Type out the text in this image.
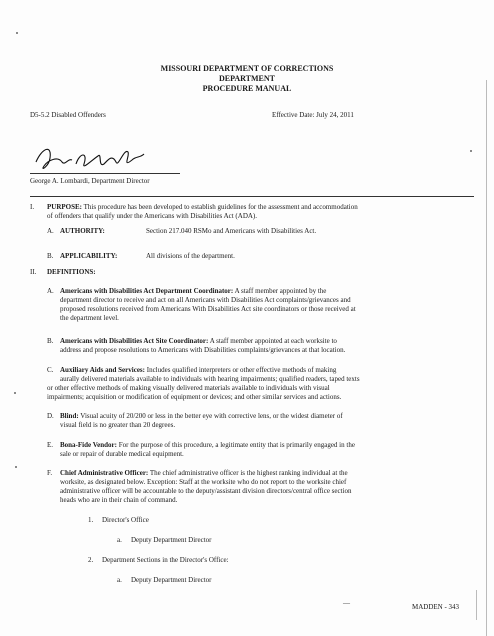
MISSOURI DEPARTMENT OF CORRECTIONS
DEPARTMENT
PROCEDURE MANUAL
D5-5.2 Disabled Offenders	Effective Date: July 24, 2011
George A. Lombardi, Department Director
I. PURPOSE: This procedure has been developed to establish guidelines for the assessment and accommodation
of offenders that qualify under the Americans with Disabilities Act (ADA).
A. AUTHORITY:	Section 217.040 RSMo and Americans with Disabilities Act.
B. APPLICABILITY:	All divisions of the department.
II. DEFINITIONS:
A. Americans with Disabilities Act Department Coordinator: A staff member appointed by the
department director to receive and act on all Americans with Disabilities Act complaints/grievances and
proposed resolutions received from Americans With Disabilities Act site coordinators or those received at
the department level.
B. Americans with Disabilities Act Site Coordinator: A staff member appointed at each worksite to
address and propose resolutions to Americans with Disabilities complaints/grievances at that location.
C. Auxiliary Aids and Services: Includes qualified interpreters or other effective methods of making
aurally delivered materials available to individuals with hearing impairments; qualified readers, taped texts
or other effective methods of making visually delivered materials available to individuals with visual
impairments; acquisition or modification of equipment or devices; and other similar services and actions.
D. Blind: Visual acuity of 20/200 or less in the better eye with corrective lens, or the widest diameter of
visual field is no greater than 20 degrees.
E. Bona-Fide Vendor: For the purpose of this procedure, a legitimate entity that is primarily engaged in the
sale or repair of durable medical equipment.
F. Chief Administrative Officer: The chief administrative officer is the highest ranking individual at the
worksite, as designated below. Exception: Staff at the worksite who do not report to the worksite chief
administrative officer will be accountable to the deputy/assistant division directors/central office section
heads who are in their chain of command.
1. Director's Office
a. Deputy Department Director
2. Department Sections in the Director's Office:
a. Deputy Department Director
—	MADDEN - 343
